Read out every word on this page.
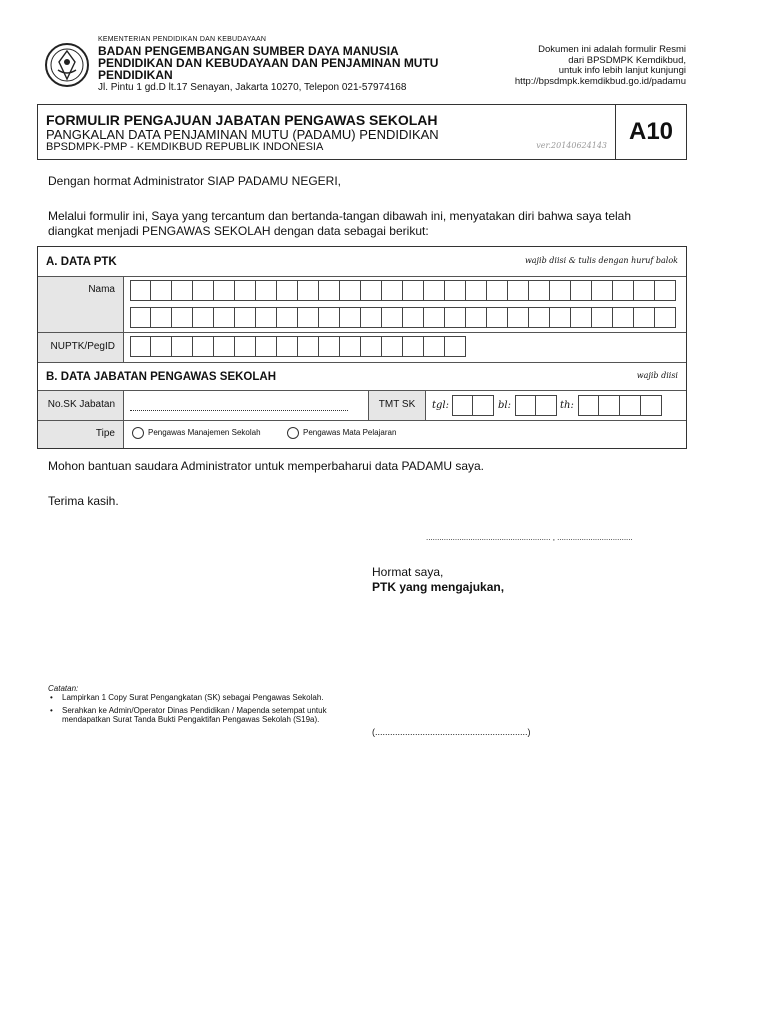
KEMENTERIAN PENDIDIKAN DAN KEBUDAYAAN
BADAN PENGEMBANGAN SUMBER DAYA MANUSIA
PENDIDIKAN DAN KEBUDAYAAN DAN PENJAMINAN MUTU
PENDIDIKAN
Jl. Pintu 1 gd.D lt.17 Senayan, Jakarta 10270, Telepon 021-57974168
Dokumen ini adalah formulir Resmi
dari BPSDMPK Kemdikbud,
untuk info lebih lanjut kunjungi
http://bpsdmpk.kemdikbud.go.id/padamu
FORMULIR PENGAJUAN JABATAN PENGAWAS SEKOLAH
PANGKALAN DATA PENJAMINAN MUTU (PADAMU) PENDIDIKAN
BPSDMPK-PMP - KEMDIKBUD REPUBLIK INDONESIA	ver.20140624143
A10
Dengan hormat Administrator SIAP PADAMU NEGERI,
Melalui formulir ini, Saya yang tercantum dan bertanda-tangan dibawah ini, menyatakan diri bahwa saya telah
diangkat menjadi PENGAWAS SEKOLAH dengan data sebagai berikut:
A. DATA PTK	wajib diisi & tulis dengan huruf balok
Nama
NUPTK/PegID
B. DATA JABATAN PENGAWAS SEKOLAH	wajib diisi
No.SK Jabatan	TMT SK	tgl:	bl:	th:
Tipe	Pengawas Manajemen Sekolah	Pengawas Mata Pelajaran
Mohon bantuan saudara Administrator untuk memperbaharui data PADAMU saya.
Terima kasih.
........................................................ , ..................................
Hormat saya,
PTK yang mengajukan,
(.............................................................)
Catatan:
•	Lampirkan 1 Copy Surat Pengangkatan (SK) sebagai Pengawas Sekolah.
•	Serahkan ke Admin/Operator Dinas Pendidikan / Mapenda setempat untuk mendapatkan Surat Tanda Bukti Pengaktifan Pengawas Sekolah (S19a).
